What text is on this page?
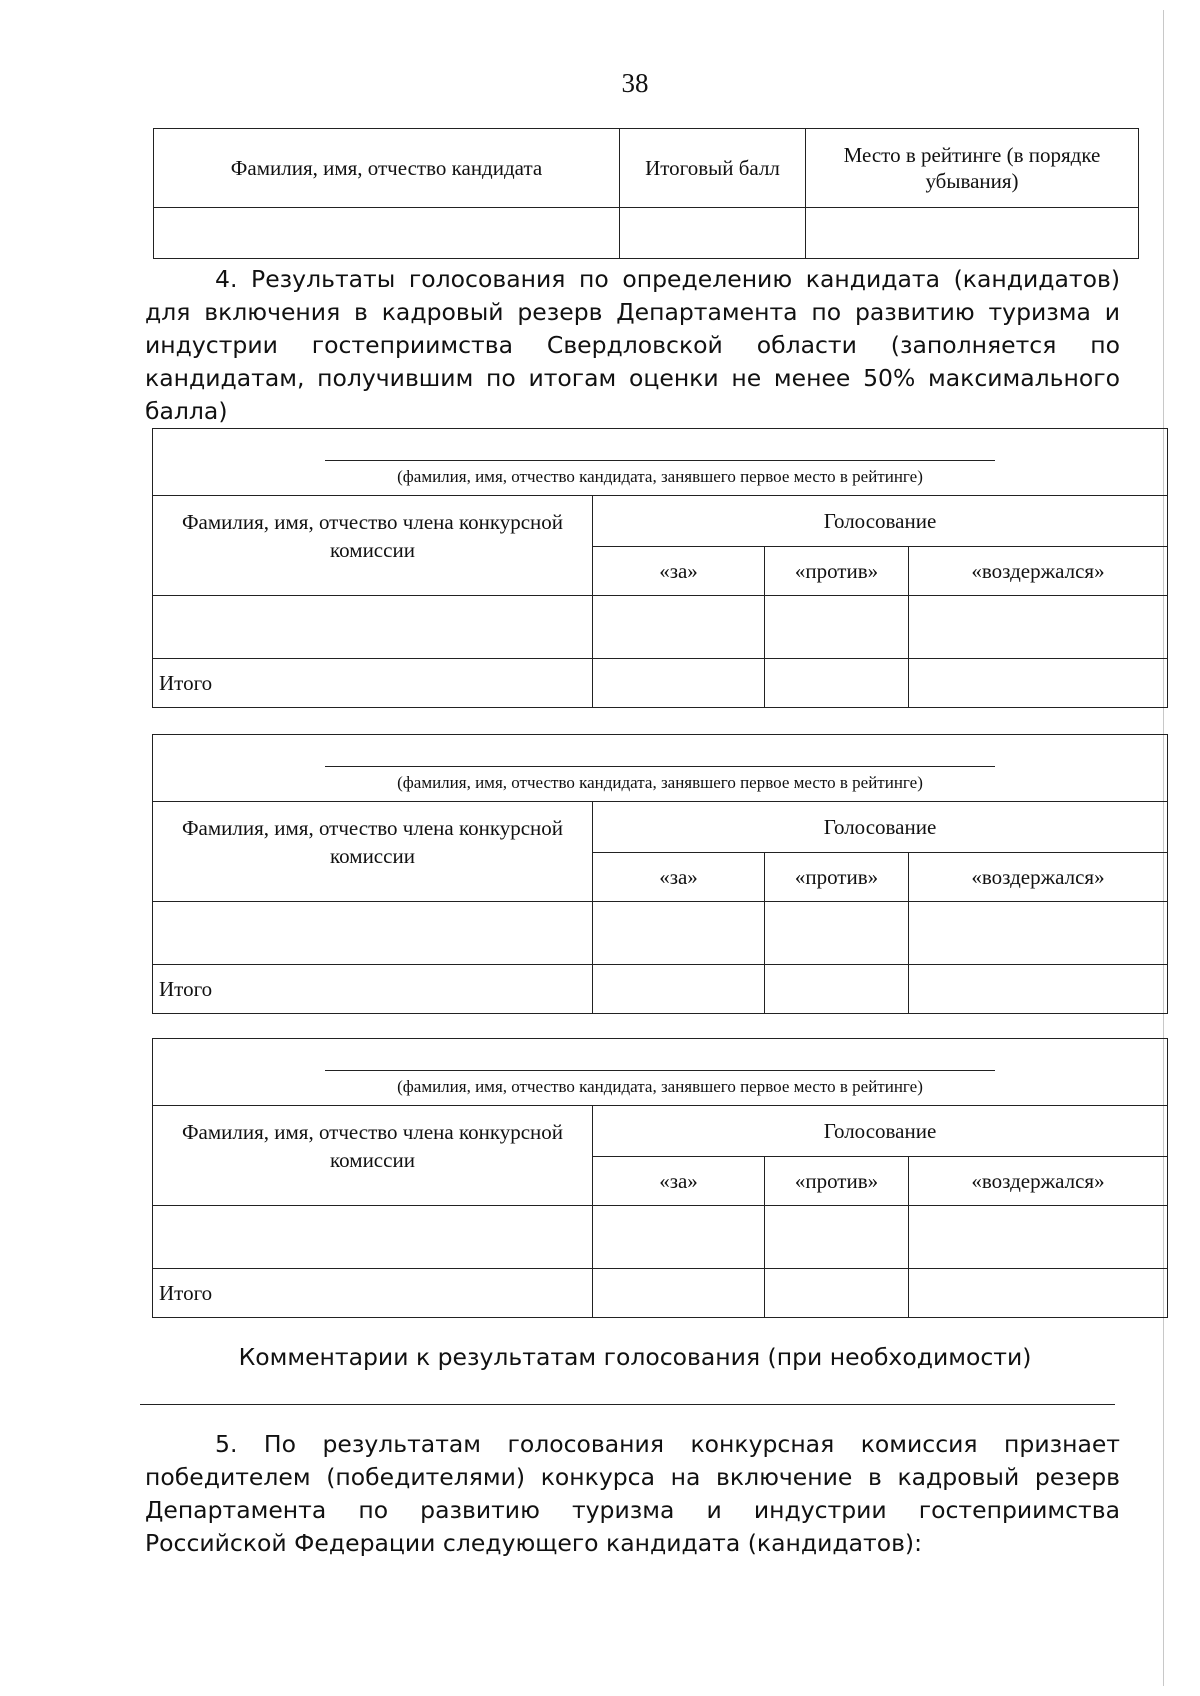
38
Фамилия, имя, отчество кандидата	Итоговый балл	Место в рейтинге (в порядке убывания)

4. Результаты голосования по определению кандидата (кандидатов) для включения в кадровый резерв Департамента по развитию туризма и индустрии гостеприимства Свердловской области (заполняется по кандидатам, получившим по итогам оценки не менее 50% максимального балла)

(фамилия, имя, отчество кандидата, занявшего первое место в рейтинге)			

Фамилия, имя, отчество члена конкурсной комиссии	Голосование		
	«за»	«против»	«воздержался»

Итого			
(фамилия, имя, отчество кандидата, занявшего первое место в рейтинге)			

Фамилия, имя, отчество члена конкурсной комиссии	Голосование		
	«за»	«против»	«воздержался»

Итого			
(фамилия, имя, отчество кандидата, занявшего первое место в рейтинге)			

Фамилия, имя, отчество члена конкурсной комиссии	Голосование		
	«за»	«против»	«воздержался»

Итого			
Комментарии к результатам голосования (при необходимости)

5. По результатам голосования конкурсная комиссия признает победителем (победителями) конкурса на включение в кадровый резерв Департамента по развитию туризма и индустрии гостеприимства Российской Федерации следующего кандидата (кандидатов):
